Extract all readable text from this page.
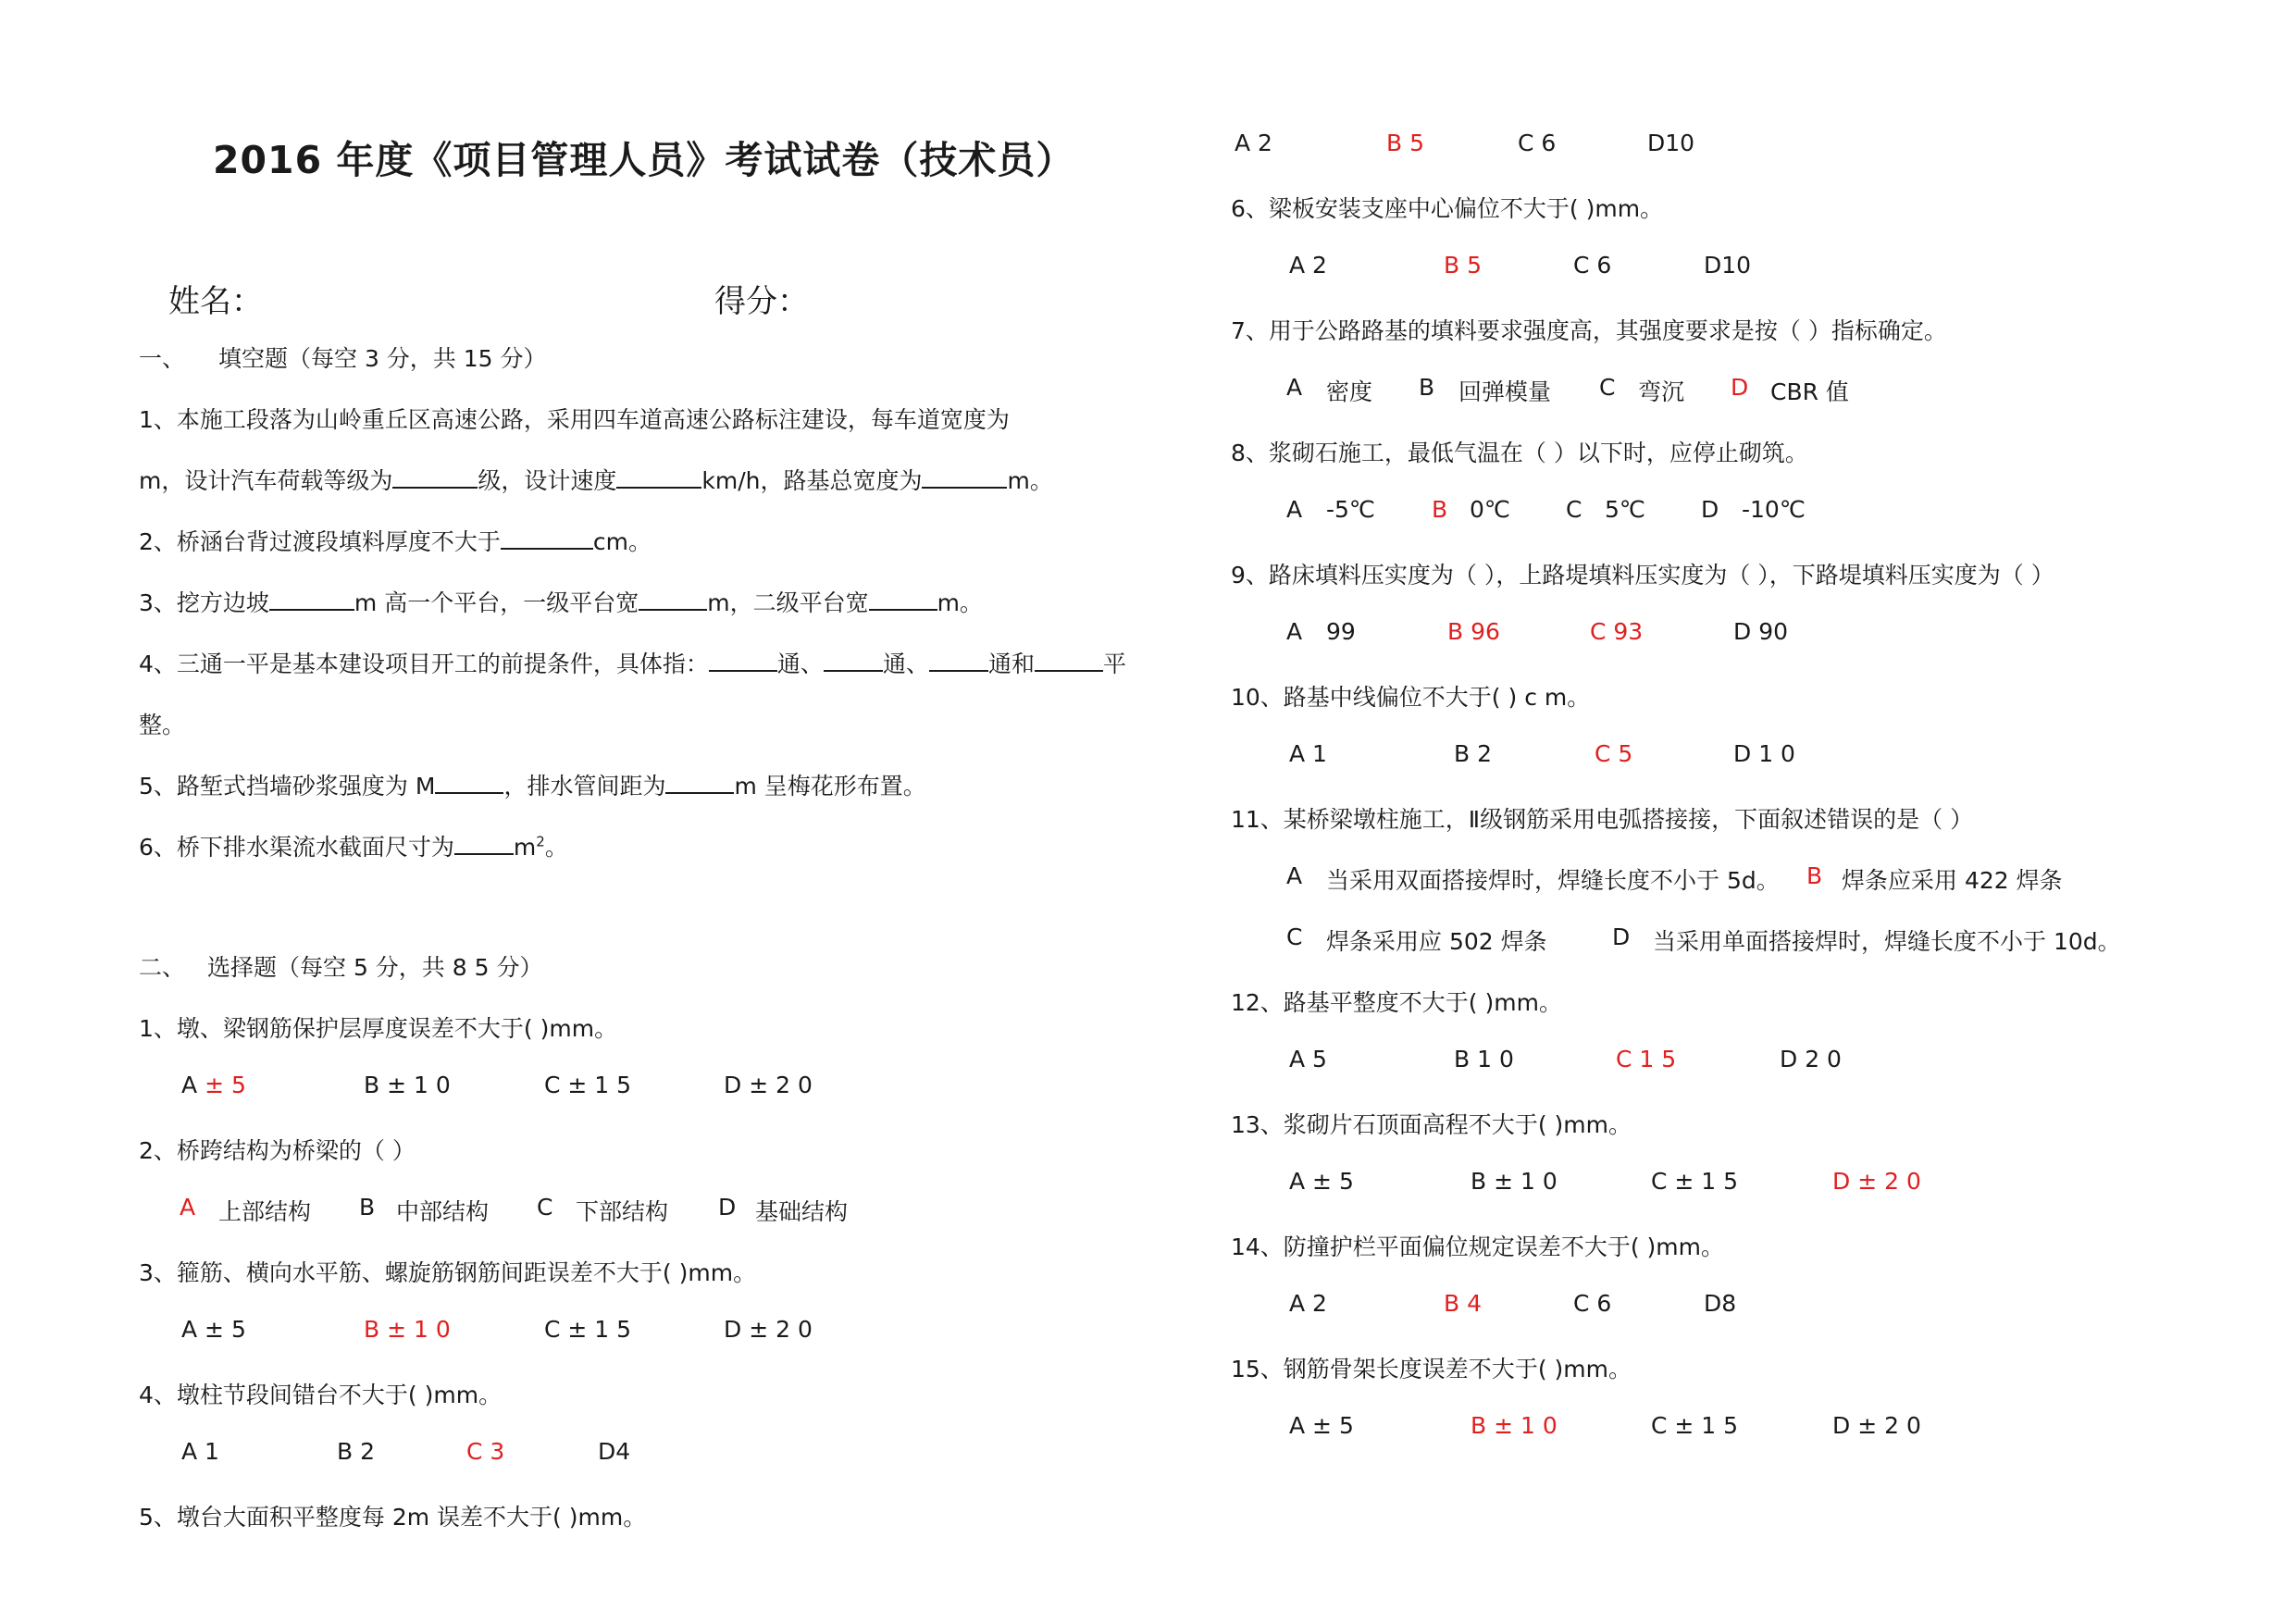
2016 年度《项目管理人员》考试试卷（技术员）
姓名：	得分：
一、 填空题（每空 3 分，共 15 分）
1、本施工段落为山岭重丘区高速公路，采用四车道高速公路标注建设，每车道宽度为
m，设计汽车荷载等级为	级，设计速度	km/h，路基总宽度为	m。
2、桥涵台背过渡段填料厚度不大于	cm。
3、挖方边坡	m 高一个平台，一级平台宽	m，二级平台宽	m。
4、三通一平是基本建设项目开工的前提条件，具体指：	通、	通、	通和	平
整。
5、路堑式挡墙砂浆强度为 M	，排水管间距为	m 呈梅花形布置。
6、桥下排水渠流水截面尺寸为	$m^2$。
二、 选择题（每空 5 分，共 8 5 分）
1、墩、梁钢筋保护层厚度误差不大于( )mm。
A ± 5	B ± 1 0	C ± 1 5	D ± 2 0
2、桥跨结构为桥梁的（ ）
A 上部结构 B 中部结构 C 下部结构 D 基础结构
3、箍筋、横向水平筋、螺旋筋钢筋间距误差不大于( )mm。
A ± 5	B ± 1 0	C ± 1 5	D ± 2 0
4、墩柱节段间错台不大于( )mm。
A 1	B 2	C 3	D4
5、墩台大面积平整度每 2m 误差不大于( )mm。
A 2	B 5	C 6	D10
6、梁板安装支座中心偏位不大于( )mm。
A 2	B 5	C 6	D10
7、用于公路路基的填料要求强度高，其强度要求是按（ ）指标确定。
A 密度 B 回弹模量 C 弯沉 D CBR 值
8、浆砌石施工，最低气温在（ ）以下时，应停止砌筑。
A -5℃ B 0℃ C 5℃ D -10℃
9、路床填料压实度为（ ），上路堤填料压实度为（ ），下路堤填料压实度为（ ）
A 99	B 96	C 93	D 90
10、路基中线偏位不大于( ) c m。
A 1	B 2	C 5	D 1 0
11、某桥梁墩柱施工，Ⅱ级钢筋采用电弧搭接接，下面叙述错误的是（ ）
A 当采用双面搭接焊时，焊缝长度不小于 5d。 B 焊条应采用 422 焊条
C 焊条采用应 502 焊条	D 当采用单面搭接焊时，焊缝长度不小于 10d。
12、路基平整度不大于( )mm。
A 5	B 1 0	C 1 5	D 2 0
13、浆砌片石顶面高程不大于( )mm。
A ± 5	B ± 1 0	C ± 1 5	D ± 2 0
14、防撞护栏平面偏位规定误差不大于( )mm。
A 2	B 4	C 6	D8
15、钢筋骨架长度误差不大于( )mm。
A ± 5	B ± 1 0	C ± 1 5	D ± 2 0
